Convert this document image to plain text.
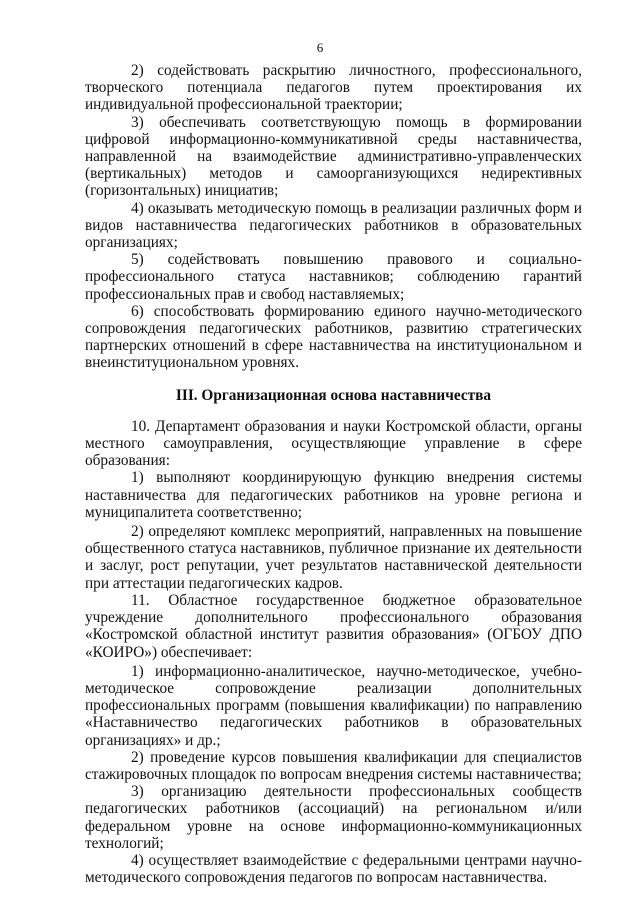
6

2) содействовать раскрытию личностного, профессионального, творческого потенциала педагогов путем проектирования их индивидуальной профессиональной траектории;

3) обеспечивать соответствующую помощь в формировании цифровой информационно-коммуникативной среды наставничества, направленной на взаимодействие административно-управленческих (вертикальных) методов и самоорганизующихся недирективных (горизонтальных) инициатив;

4) оказывать методическую помощь в реализации различных форм и видов наставничества педагогических работников в образовательных организациях;

5) содействовать повышению правового и социально-профессионального статуса наставников; соблюдению гарантий профессиональных прав и свобод наставляемых;

6) способствовать формированию единого научно-методического сопровождения педагогических работников, развитию стратегических партнерских отношений в сфере наставничества на институциональном и внеинституциональном уровнях.

III. Организационная основа наставничества

10. Департамент образования и науки Костромской области, органы местного самоуправления, осуществляющие управление в сфере образования:

1) выполняют координирующую функцию внедрения системы наставничества для педагогических работников на уровне региона и муниципалитета соответственно;

2) определяют комплекс мероприятий, направленных на повышение общественного статуса наставников, публичное признание их деятельности и заслуг, рост репутации, учет результатов наставнической деятельности при аттестации педагогических кадров.

11. Областное государственное бюджетное образовательное учреждение дополнительного профессионального образования «Костромской областной институт развития образования» (ОГБОУ ДПО «КОИРО») обеспечивает:

1) информационно-аналитическое, научно-методическое, учебно-методическое сопровождение реализации дополнительных профессиональных программ (повышения квалификации) по направлению «Наставничество педагогических работников в образовательных организациях» и др.;

2) проведение курсов повышения квалификации для специалистов стажировочных площадок по вопросам внедрения системы наставничества;

3) организацию деятельности профессиональных сообществ педагогических работников (ассоциаций) на региональном и/или федеральном уровне на основе информационно-коммуникационных технологий;

4) осуществляет взаимодействие с федеральными центрами научно-методического сопровождения педагогов по вопросам наставничества.
